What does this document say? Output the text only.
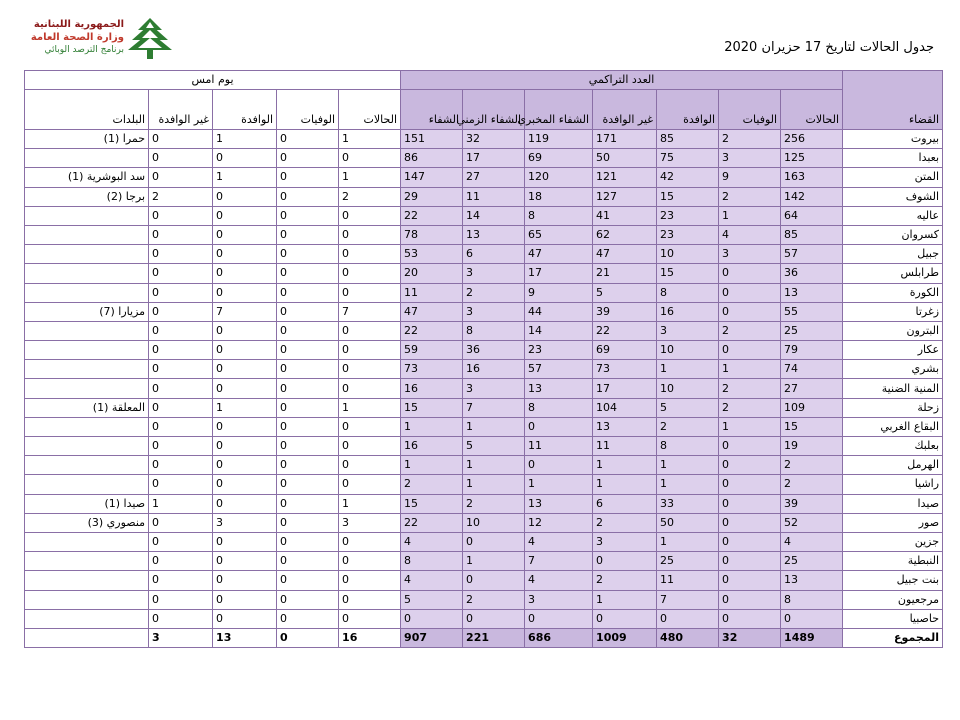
الجمهورية اللبنانية
وزارة الصحة العامة
برنامج الترصد الوبائي	جدول الحالات لتاريخ 17 حزيران 2020
القضاء	العدد التراكمي							يوم امس				
	الحالات	الوفيات	الوافدة	غير الوافدة	الشفاء المخبري	الشفاء الزمني	الشفاء	الحالات	الوفيات	الوافدة	غير الوافدة	البلدات
بيروت	256	2	85	171	119	32	151	1	0	1	0	حمرا (1)
بعبدا	125	3	75	50	69	17	86	0	0	0	0	
المتن	163	9	42	121	120	27	147	1	0	1	0	سد البوشرية (1)
الشوف	142	2	15	127	18	11	29	2	0	0	2	برجا (2)
عاليه	64	1	23	41	8	14	22	0	0	0	0	
كسروان	85	4	23	62	65	13	78	0	0	0	0	
جبيل	57	3	10	47	47	6	53	0	0	0	0	
طرابلس	36	0	15	21	17	3	20	0	0	0	0	
الكورة	13	0	8	5	9	2	11	0	0	0	0	
زغرتا	55	0	16	39	44	3	47	7	0	7	0	مزيارا (7)
البترون	25	2	3	22	14	8	22	0	0	0	0	
عكار	79	0	10	69	23	36	59	0	0	0	0	
بشري	74	1	1	73	57	16	73	0	0	0	0	
المنية الضنية	27	2	10	17	13	3	16	0	0	0	0	
زحلة	109	2	5	104	8	7	15	1	0	1	0	المعلقة (1)
البقاع الغربي	15	1	2	13	0	1	1	0	0	0	0	
بعلبك	19	0	8	11	11	5	16	0	0	0	0	
الهرمل	2	0	1	1	0	1	1	0	0	0	0	
راشيا	2	0	1	1	1	1	2	0	0	0	0	
صيدا	39	0	33	6	13	2	15	1	0	0	1	صيدا (1)
صور	52	0	50	2	12	10	22	3	0	3	0	منصوري (3)
جزين	4	0	1	3	4	0	4	0	0	0	0	
النبطية	25	0	25	0	7	1	8	0	0	0	0	
بنت جبيل	13	0	11	2	4	0	4	0	0	0	0	
مرجعيون	8	0	7	1	3	2	5	0	0	0	0	
حاصبيا	0	0	0	0	0	0	0	0	0	0	0	
المجموع	1489	32	480	1009	686	221	907	16	0	13	3	
